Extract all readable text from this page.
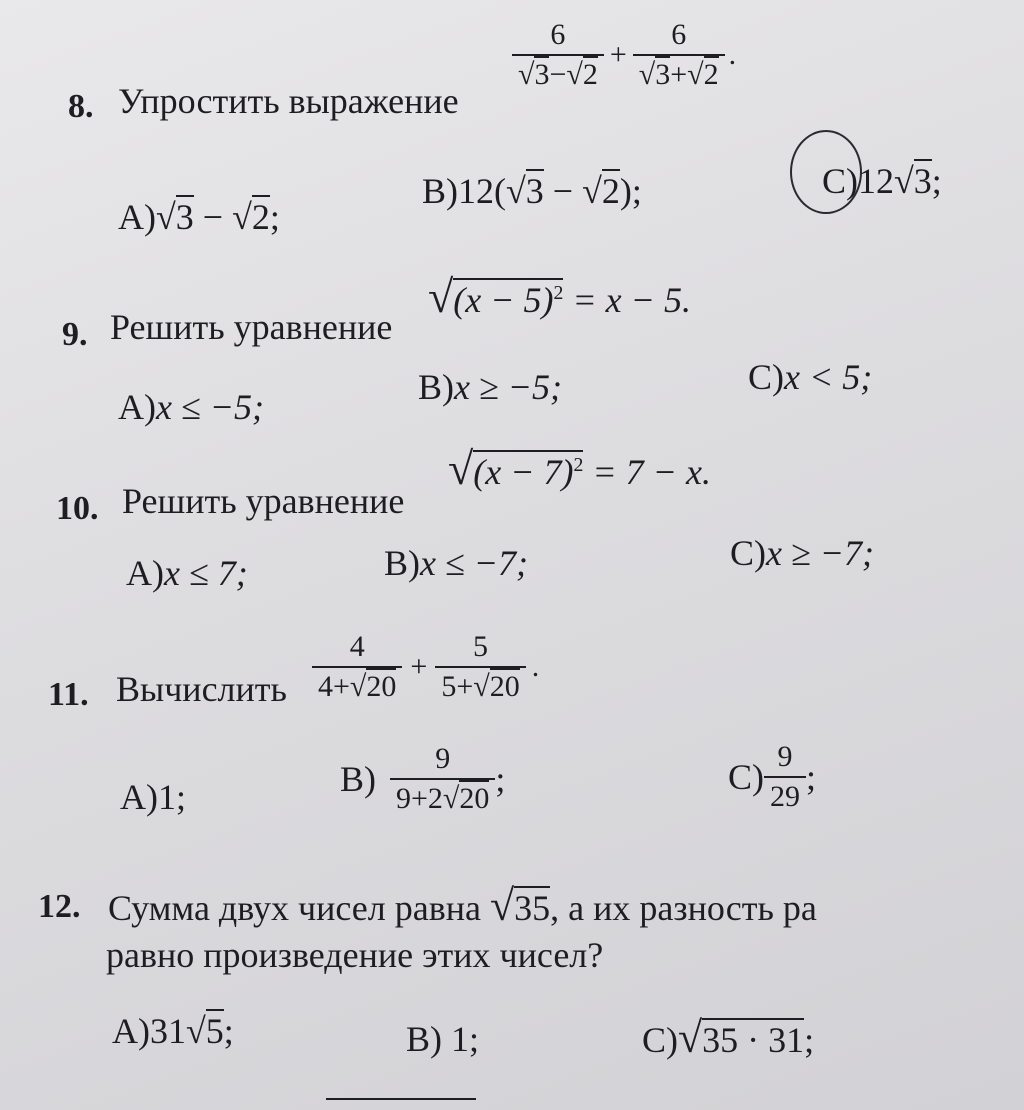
8. Упростить выражение
$\frac{6}{√3-√2} + \frac{6}{√3+√2}$ .
A)√3 − √2;
B)12(√3 − √2);	C)12√3;
9. Решить уравнение
$√(x - 5)^2 = x - 5$.
A)x ≤ −5;	B)x ≥ −5;	C)x < 5;
10. Решить уравнение
$√(x - 7)^2 = 7 - x$.
A)x ≤ 7;	B)x ≤ −7;	C)x ≥ −7;
11. Вычислить $\frac{4}{4+√20} + \frac{5}{5+√20}$ .
A)1;	$B) \frac{9}{9+2√20}$ ;	$C) \frac{9}{29}$ ;
12. Сумма двух чисел равна √35, а их разность ра
равно произведение этих чисел?
A)31√5;	B) 1;	C)√35 · 31;
